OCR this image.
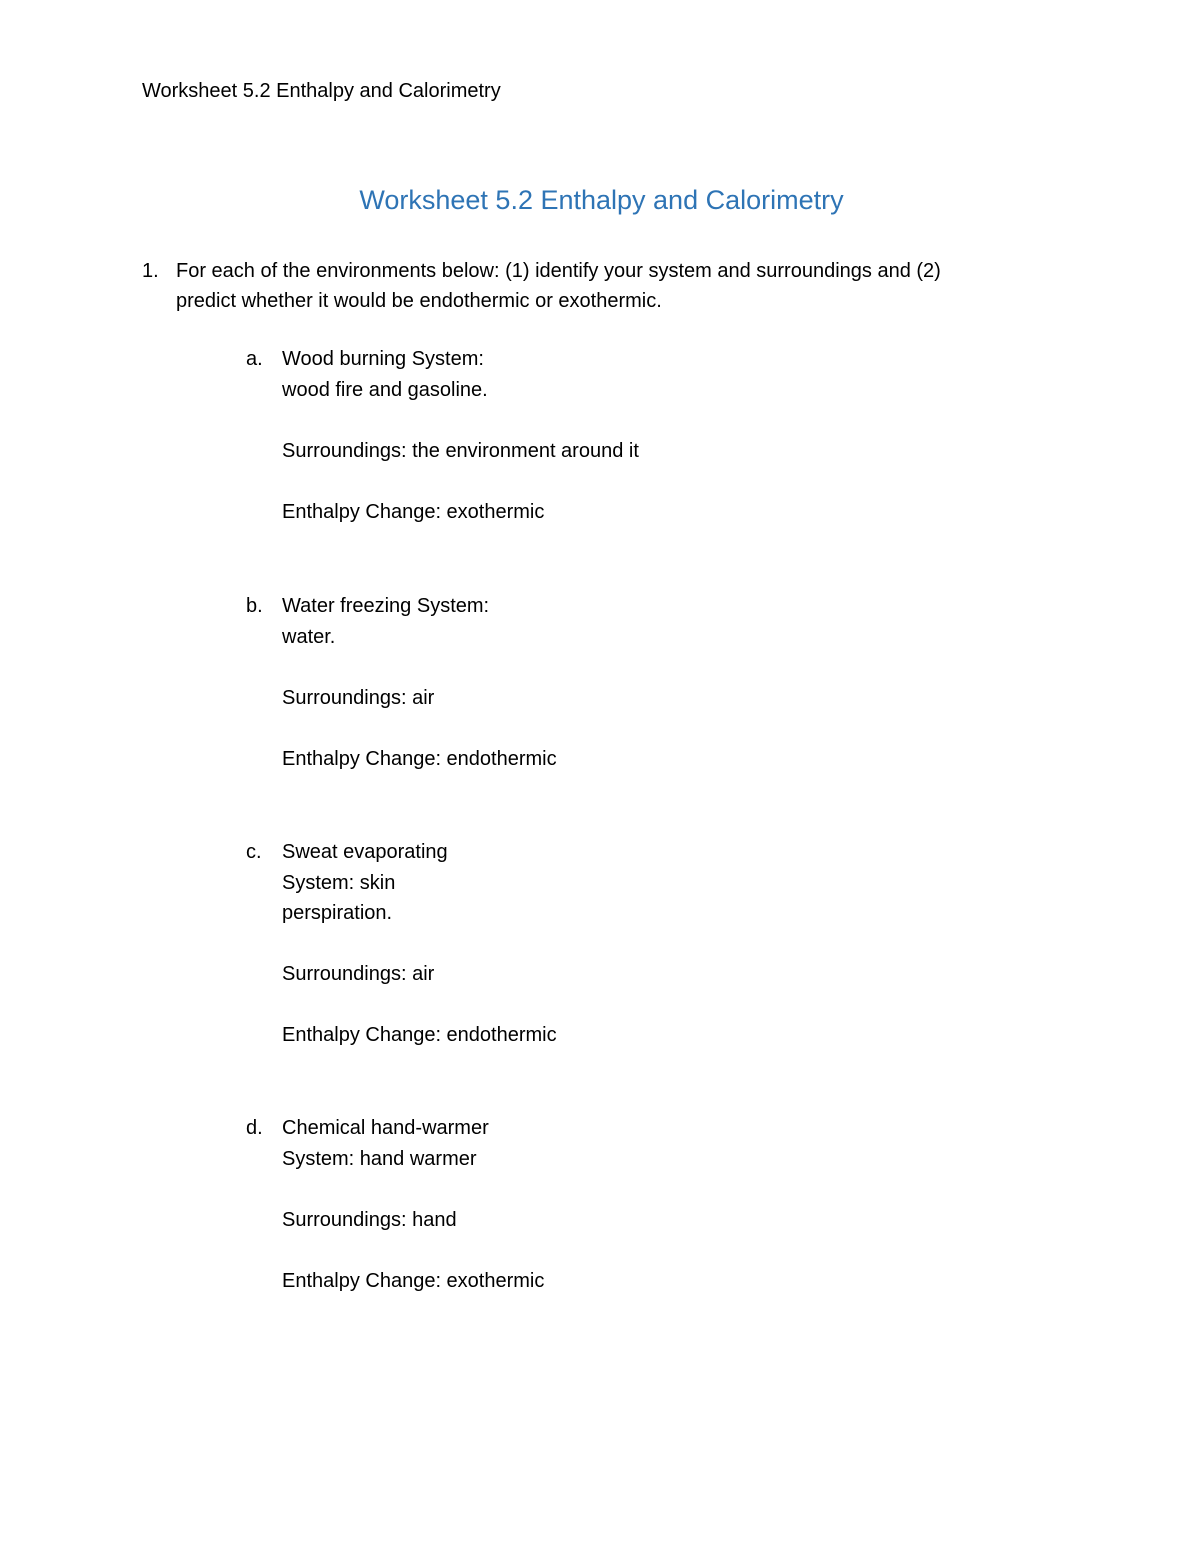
Worksheet 5.2 Enthalpy and Calorimetry
Worksheet 5.2 Enthalpy and Calorimetry
1. For each of the environments below: (1) identify your system and surroundings and (2)
predict whether it would be endothermic or exothermic.
a. Wood burning System:
wood fire and gasoline.
Surroundings: the environment around it
Enthalpy Change: exothermic
b. Water freezing System:
water.
Surroundings: air
Enthalpy Change: endothermic
c. Sweat evaporating
System: skin
perspiration.
Surroundings: air
Enthalpy Change: endothermic
d. Chemical hand-warmer
System: hand warmer
Surroundings: hand
Enthalpy Change: exothermic
